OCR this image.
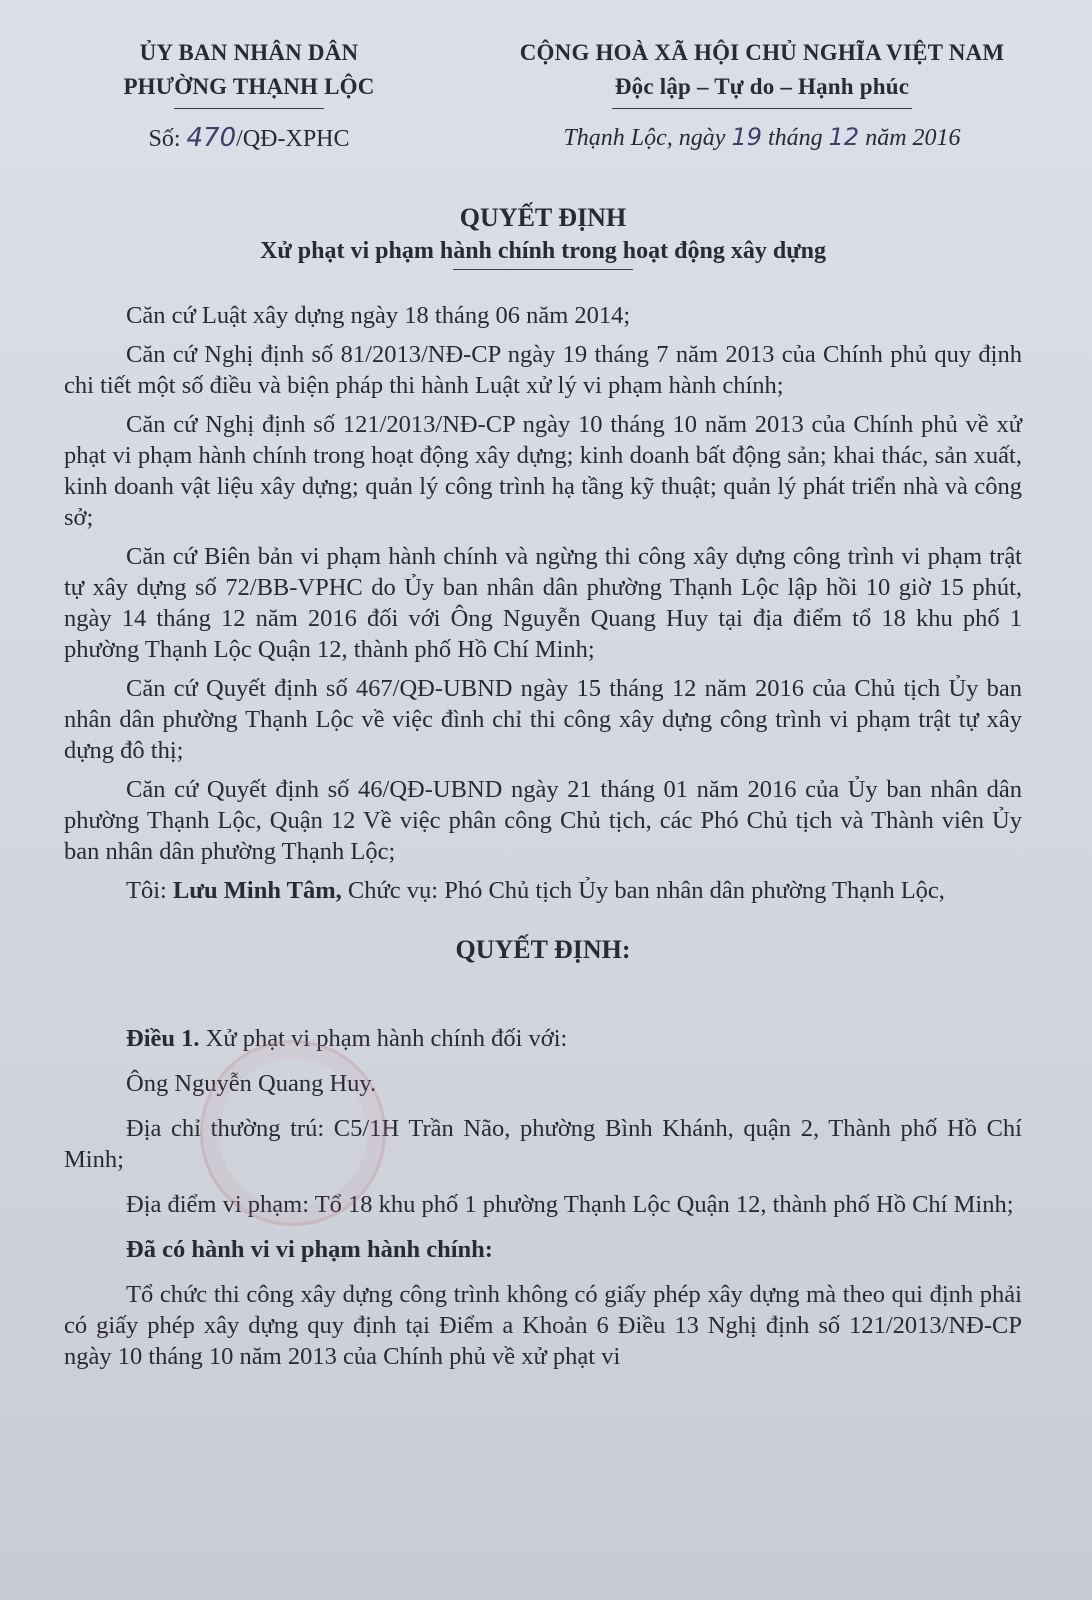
ỦY BAN NHÂN DÂN
PHƯỜNG THẠNH LỘC
Số: 470/QĐ-XPHC
CỘNG HOÀ XÃ HỘI CHỦ NGHĨA VIỆT NAM
Độc lập – Tự do – Hạnh phúc
Thạnh Lộc, ngày 19 tháng 12 năm 2016
QUYẾT ĐỊNH
Xử phạt vi phạm hành chính trong hoạt động xây dựng

Căn cứ Luật xây dựng ngày 18 tháng 06 năm 2014;

Căn cứ Nghị định số 81/2013/NĐ-CP ngày 19 tháng 7 năm 2013 của Chính phủ quy định chi tiết một số điều và biện pháp thi hành Luật xử lý vi phạm hành chính;

Căn cứ Nghị định số 121/2013/NĐ-CP ngày 10 tháng 10 năm 2013 của Chính phủ về xử phạt vi phạm hành chính trong hoạt động xây dựng; kinh doanh bất động sản; khai thác, sản xuất, kinh doanh vật liệu xây dựng; quản lý công trình hạ tầng kỹ thuật; quản lý phát triển nhà và công sở;

Căn cứ Biên bản vi phạm hành chính và ngừng thi công xây dựng công trình vi phạm trật tự xây dựng số 72/BB-VPHC do Ủy ban nhân dân phường Thạnh Lộc lập hồi 10 giờ 15 phút, ngày 14 tháng 12 năm 2016 đối với Ông Nguyễn Quang Huy tại địa điểm tổ 18 khu phố 1 phường Thạnh Lộc Quận 12, thành phố Hồ Chí Minh;

Căn cứ Quyết định số 467/QĐ-UBND ngày 15 tháng 12 năm 2016 của Chủ tịch Ủy ban nhân dân phường Thạnh Lộc về việc đình chỉ thi công xây dựng công trình vi phạm trật tự xây dựng đô thị;

Căn cứ Quyết định số 46/QĐ-UBND ngày 21 tháng 01 năm 2016 của Ủy ban nhân dân phường Thạnh Lộc, Quận 12 Về việc phân công Chủ tịch, các Phó Chủ tịch và Thành viên Ủy ban nhân dân phường Thạnh Lộc;

Tôi: Lưu Minh Tâm, Chức vụ: Phó Chủ tịch Ủy ban nhân dân phường Thạnh Lộc,

QUYẾT ĐỊNH:

Điều 1. Xử phạt vi phạm hành chính đối với:

Ông Nguyễn Quang Huy.

Địa chỉ thường trú: C5/1H Trần Não, phường Bình Khánh, quận 2, Thành phố Hồ Chí Minh;

Địa điểm vi phạm: Tổ 18 khu phố 1 phường Thạnh Lộc Quận 12, thành phố Hồ Chí Minh;

Đã có hành vi vi phạm hành chính:

Tổ chức thi công xây dựng công trình không có giấy phép xây dựng mà theo qui định phải có giấy phép xây dựng quy định tại Điểm a Khoản 6 Điều 13 Nghị định số 121/2013/NĐ-CP ngày 10 tháng 10 năm 2013 của Chính phủ về xử phạt vi
